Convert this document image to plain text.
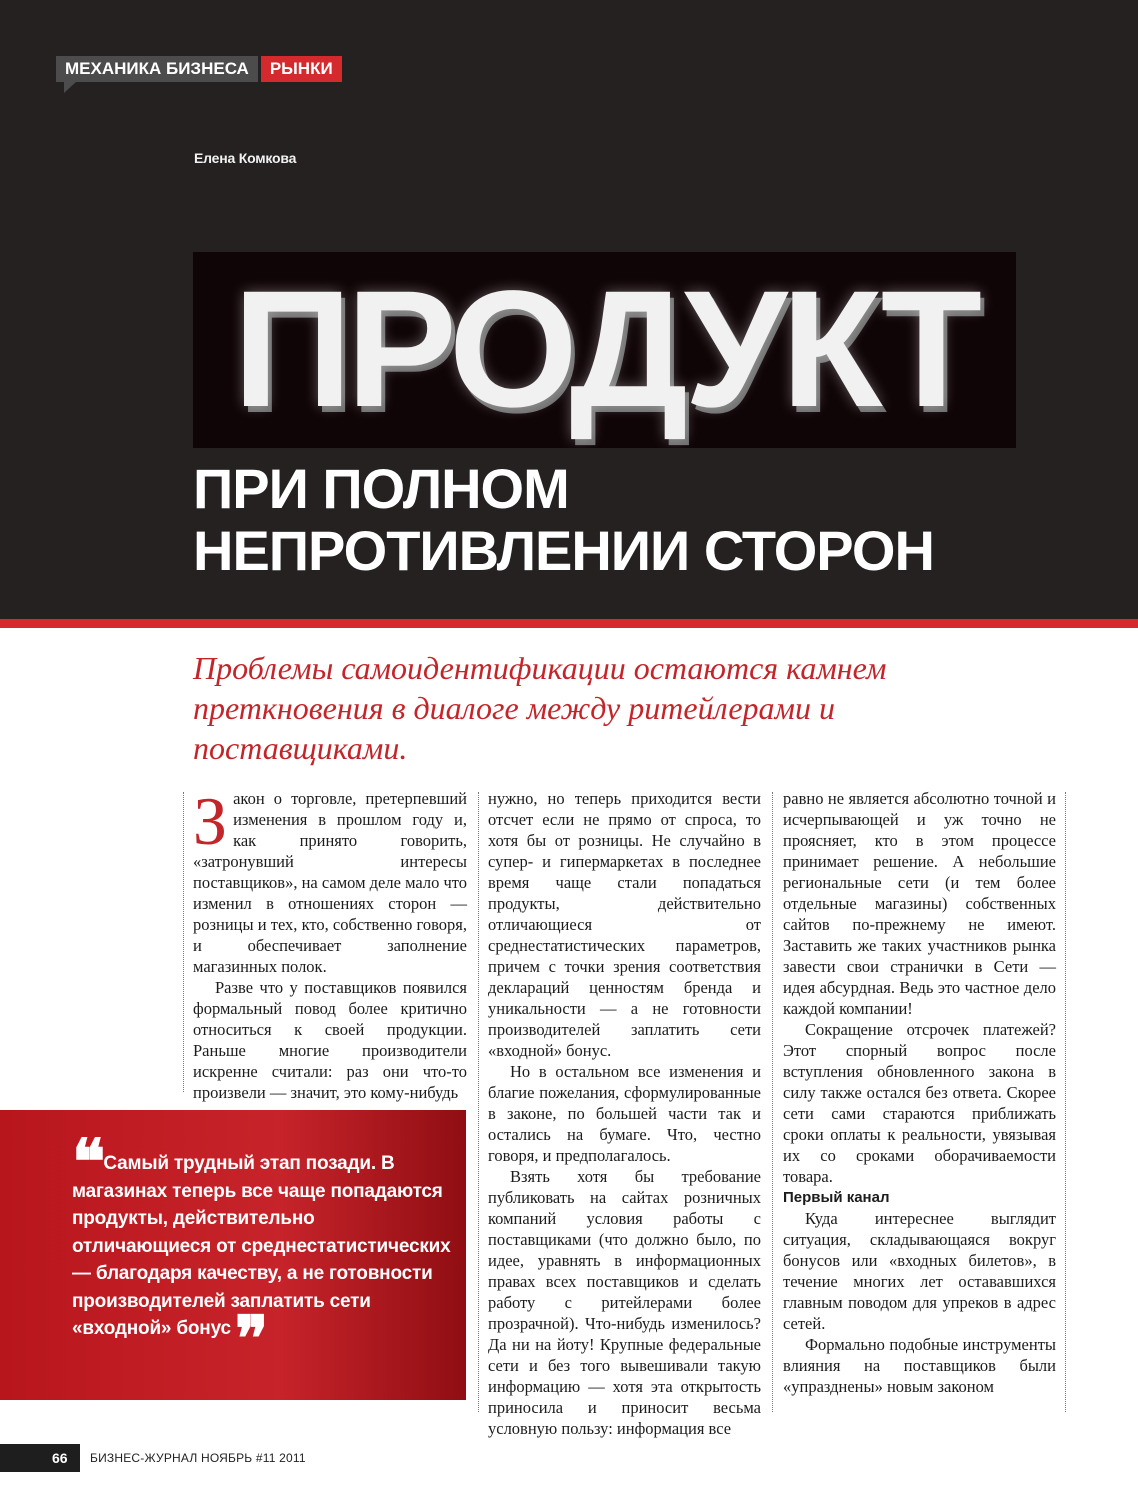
МЕХАНИКА БИЗНЕСА	РЫНКИ
Елена Комкова
ПРОДУКТ
ПРИ ПОЛНОМ
НЕПРОТИВЛЕНИИ СТОРОН
Проблемы самоидентификации остаются камнем преткновения в диалоге между ритейлерами и поставщиками.

Закон о торговле, претерпевший изменения в прошлом году и, как принято говорить, «затронувший интересы поставщиков», на самом деле мало что изменил в отношениях сторон — розницы и тех, кто, собственно говоря, и обеспечивает заполнение магазинных полок.

Разве что у поставщиков появился формальный повод более критично относиться к своей продукции. Раньше многие производители искренне считали: раз они что-то произвели — значит, это кому-нибудь

нужно, но теперь приходится вести отсчет если не прямо от спроса, то хотя бы от розницы. Не случайно в супер- и гипермаркетах в последнее время чаще стали попадаться продукты, действительно отличающиеся от среднестатистических параметров, причем с точки зрения соответствия деклараций ценностям бренда и уникальности — а не готовности производителей заплатить сети «входной» бонус.

Но в остальном все изменения и благие пожелания, сформулированные в законе, по большей части так и остались на бумаге. Что, честно говоря, и предполагалось.

Взять хотя бы требование публиковать на сайтах розничных компаний условия работы с поставщиками (что должно было, по идее, уравнять в информационных правах всех поставщиков и сделать работу с ритейлерами более прозрачной). Что-нибудь изменилось? Да ни на йоту! Крупные федеральные сети и без того вывешивали такую информацию — хотя эта открытость приносила и приносит весьма условную пользу: информация все

равно не является абсолютно точной и исчерпывающей и уж точно не проясняет, кто в этом процессе принимает решение. А небольшие региональные сети (и тем более отдельные магазины) собственных сайтов по-прежнему не имеют. Заставить же таких участников рынка завести свои странички в Сети — идея абсурдная. Ведь это частное дело каждой компании!

Сокращение отсрочек платежей? Этот спорный вопрос после вступления обновленного закона в силу также остался без ответа. Скорее сети сами стараются приближать сроки оплаты к реальности, увязывая их со сроками оборачиваемости товара.

Первый канал

Куда интереснее выглядит ситуация, складывающаяся вокруг бонусов или «входных билетов», в течение многих лет остававшихся главным поводом для упреков в адрес сетей.

Формально подобные инструменты влияния на поставщиков были «упразднены» новым законом

❝ Самый трудный этап позади. В магазинах теперь все чаще попадаются продукты, действительно отличающиеся от среднестатистических — благодаря качеству, а не готовности производителей заплатить сети «входной» бонус❞
66 БИЗНЕС-ЖУРНАЛ НОЯБРЬ #11 2011
